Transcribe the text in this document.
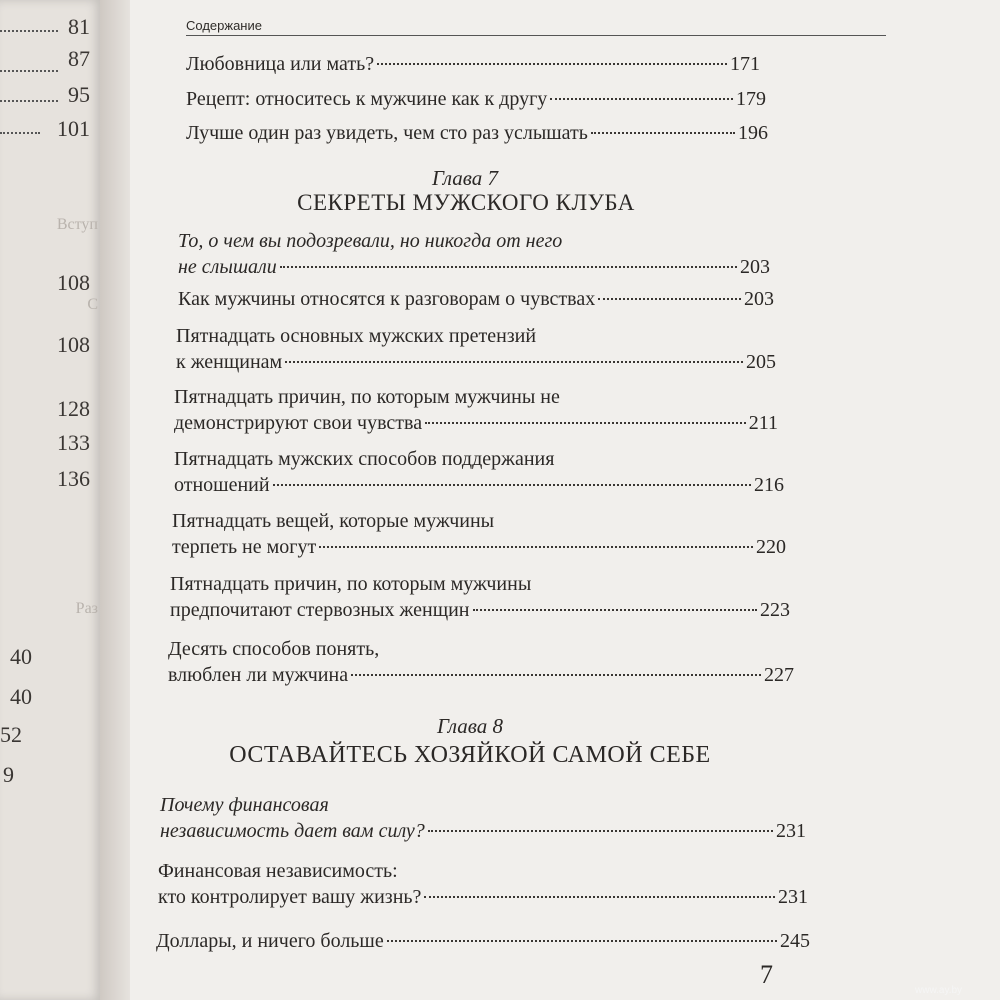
81
87
95
101
Вступ
108
С
108
128
133
136
Раз
40
40
52
9
Содержание
Любовница или мать?	171
Рецепт: относитесь к мужчине как к другу	179
Лучше один раз увидеть, чем сто раз услышать	196
Глава 7
СЕКРЕТЫ МУЖСКОГО КЛУБА
То, о чем вы подозревали, но никогда от него
не слышали	203
Как мужчины относятся к разговорам о чувствах	203
Пятнадцать основных мужских претензий
к женщинам	205
Пятнадцать причин, по которым мужчины не
демонстрируют свои чувства	211
Пятнадцать мужских способов поддержания
отношений	216
Пятнадцать вещей, которые мужчины
терпеть не могут	220
Пятнадцать причин, по которым мужчины
предпочитают стервозных женщин	223
Десять способов понять,
влюблен ли мужчина	227
Глава 8
ОСТАВАЙТЕСЬ ХОЗЯЙКОЙ САМОЙ СЕБЕ
Почему финансовая
независимость дает вам силу?	231
Финансовая независимость:
кто контролирует вашу жизнь?	231
Доллары, и ничего больше	245
7
www.ay.by
